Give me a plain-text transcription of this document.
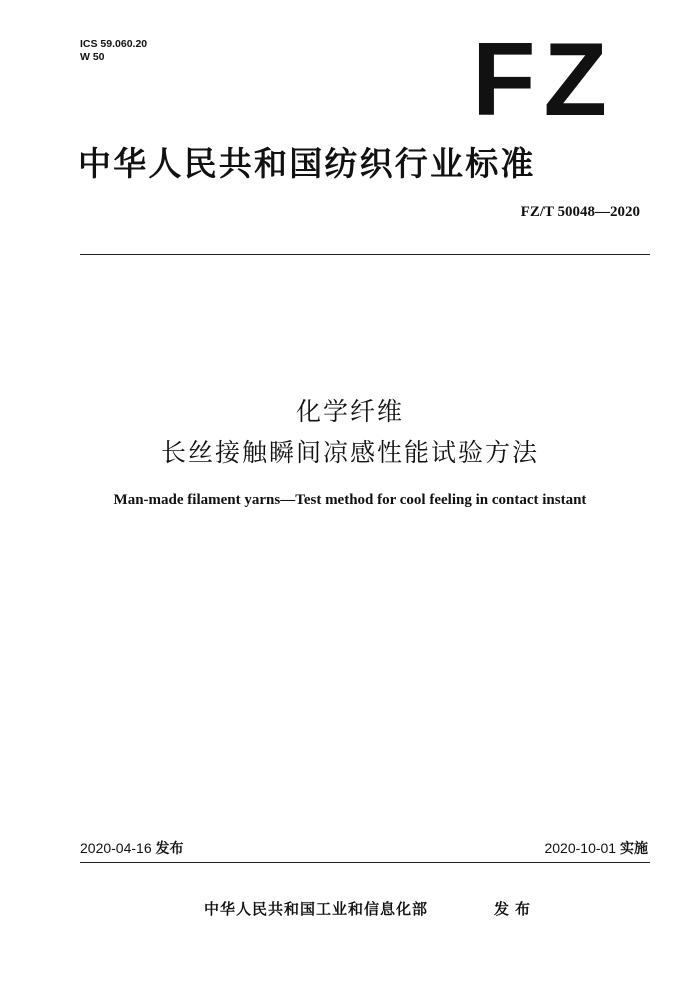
ICS 59.060.20
W 50	FZ
中华人民共和国纺织行业标准
FZ/T 50048—2020
化学纤维
长丝接触瞬间凉感性能试验方法
Man-made filament yarns—Test method for cool feeling in contact instant
2020-04-16 发布	2020-10-01 实施
中华人民共和国工业和信息化部	发布
